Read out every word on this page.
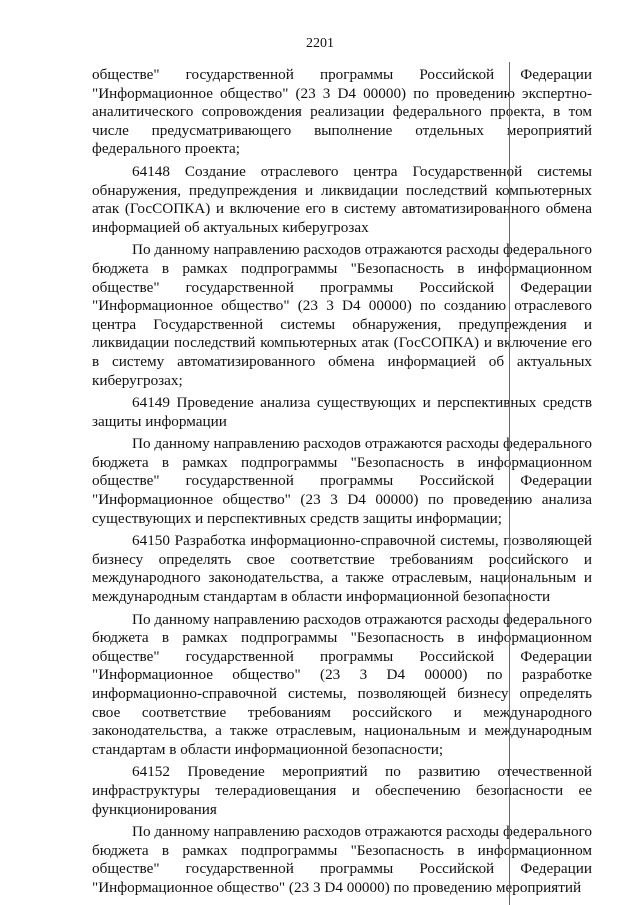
2201

обществе" государственной программы Российской Федерации "Информационное общество" (23 3 D4 00000) по проведению экспертно-аналитического сопровождения реализации федерального проекта, в том числе предусматривающего выполнение отдельных мероприятий федерального проекта;

64148 Создание отраслевого центра Государственной системы обнаружения, предупреждения и ликвидации последствий компьютерных атак (ГосСОПКА) и включение его в систему автоматизированного обмена информацией об актуальных киберугрозах

По данному направлению расходов отражаются расходы федерального бюджета в рамках подпрограммы "Безопасность в информационном обществе" государственной программы Российской Федерации "Информационное общество" (23 3 D4 00000) по созданию отраслевого центра Государственной системы обнаружения, предупреждения и ликвидации последствий компьютерных атак (ГосСОПКА) и включение его в систему автоматизированного обмена информацией об актуальных киберугрозах;

64149 Проведение анализа существующих и перспективных средств защиты информации

По данному направлению расходов отражаются расходы федерального бюджета в рамках подпрограммы "Безопасность в информационном обществе" государственной программы Российской Федерации "Информационное общество" (23 3 D4 00000) по проведению анализа существующих и перспективных средств защиты информации;

64150 Разработка информационно-справочной системы, позволяющей бизнесу определять свое соответствие требованиям российского и международного законодательства, а также отраслевым, национальным и международным стандартам в области информационной безопасности

По данному направлению расходов отражаются расходы федерального бюджета в рамках подпрограммы "Безопасность в информационном обществе" государственной программы Российской Федерации "Информационное общество" (23 3 D4 00000) по разработке информационно-справочной системы, позволяющей бизнесу определять свое соответствие требованиям российского и международного законодательства, а также отраслевым, национальным и международным стандартам в области информационной безопасности;

64152 Проведение мероприятий по развитию отечественной инфраструктуры телерадиовещания и обеспечению безопасности ее функционирования

По данному направлению расходов отражаются расходы федерального бюджета в рамках подпрограммы "Безопасность в информационном обществе" государственной программы Российской Федерации "Информационное общество" (23 3 D4 00000) по проведению мероприятий
